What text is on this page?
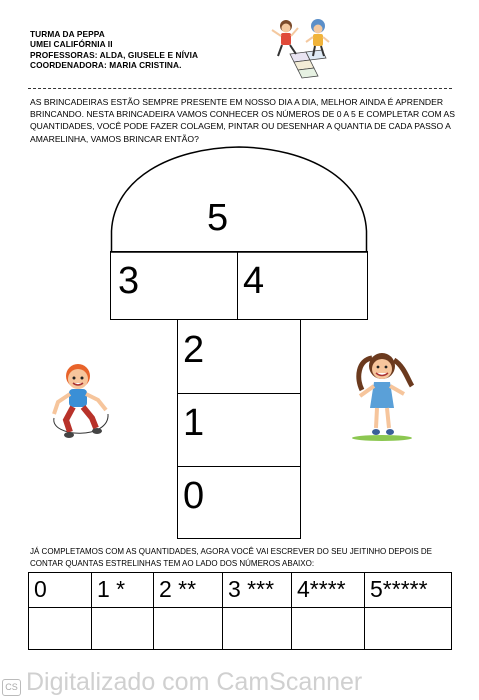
TURMA DA PEPPA
UMEI CALIFÓRNIA II
PROFESSORAS: ALDA, GIUSELE E NÍVIA
COORDENADORA: MARIA CRISTINA.
AS BRINCADEIRAS ESTÃO SEMPRE PRESENTE EM NOSSO DIA A DIA, MELHOR AINDA É APRENDER BRINCANDO. NESTA BRINCADEIRA VAMOS CONHECER OS NÚMEROS DE 0 A 5 E COMPLETAR COM AS QUANTIDADES, VOCÊ PODE FAZER COLAGEM, PINTAR OU DESENHAR A QUANTIA DE CADA PASSO A AMARELINHA, VAMOS BRINCAR ENTÃO?
5
3	4
2
1
0
JÁ COMPLETAMOS COM AS QUANTIDADES, AGORA VOCÊ VAI ESCREVER DO SEU JEITINHO DEPOIS DE CONTAR QUANTAS ESTRELINHAS TEM AO LADO DOS NÚMEROS ABAIXO:
0	1 *	2 **	3 ***	4****	5*****

CS Digitalizado com CamScanner
